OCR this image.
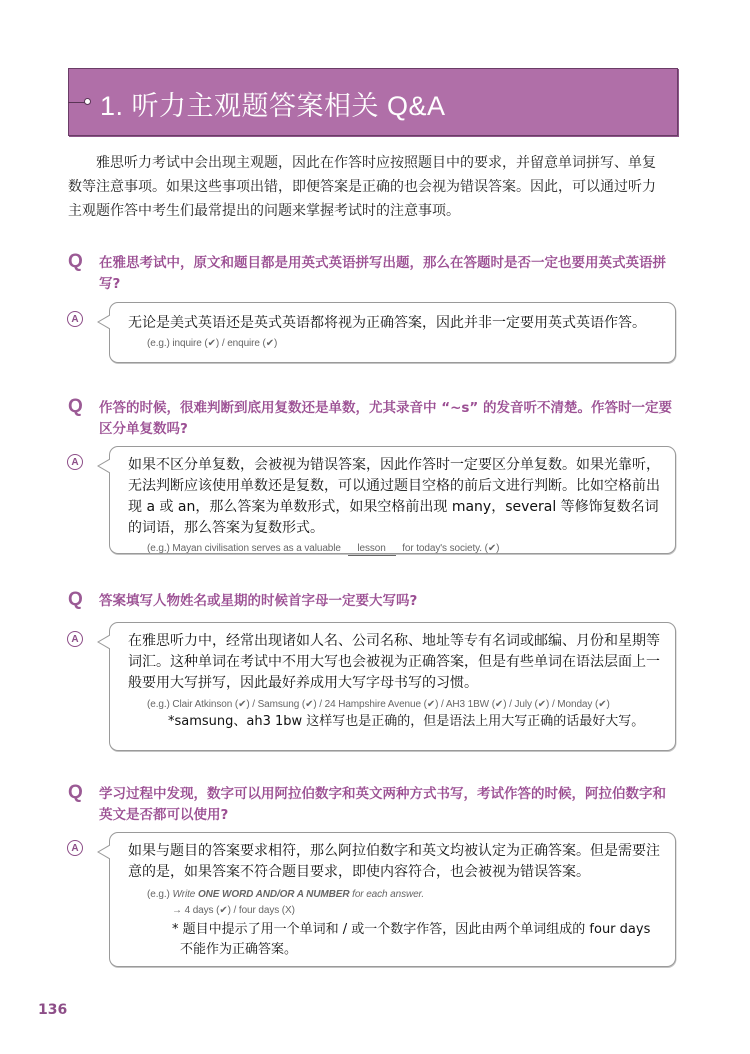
1. 听力主观题答案相关 Q&A
雅思听力考试中会出现主观题，因此在作答时应按照题目中的要求，并留意单词拼写、单复数等注意事项。如果这些事项出错，即便答案是正确的也会视为错误答案。因此，可以通过听力主观题作答中考生们最常提出的问题来掌握考试时的注意事项。
Q 在雅思考试中，原文和题目都是用英式英语拼写出题，那么在答题时是否一定也要用英式英语拼写?
A	无论是美式英语还是英式英语都将视为正确答案，因此并非一定要用英式英语作答。
(e.g.) inquire (✔) / enquire (✔)
Q 作答的时候，很难判断到底用复数还是单数，尤其录音中 “~s” 的发音听不清楚。作答时一定要区分单复数吗?
A	如果不区分单复数，会被视为错误答案，因此作答时一定要区分单复数。如果光靠听，无法判断应该使用单数还是复数，可以通过题目空格的前后文进行判断。比如空格前出现 a 或 an，那么答案为单数形式，如果空格前出现 many，several 等修饰复数名词的词语，那么答案为复数形式。
(e.g.) Mayan civilisation serves as a valuable lesson for today's society. (✔)
Q 答案填写人物姓名或星期的时候首字母一定要大写吗?
A	在雅思听力中，经常出现诸如人名、公司名称、地址等专有名词或邮编、月份和星期等词汇。这种单词在考试中不用大写也会被视为正确答案，但是有些单词在语法层面上一般要用大写拼写，因此最好养成用大写字母书写的习惯。
(e.g.) Clair Atkinson (✔) / Samsung (✔) / 24 Hampshire Avenue (✔) / AH3 1BW (✔) / July (✔) / Monday (✔)
*samsung、ah3 1bw 这样写也是正确的，但是语法上用大写正确的话最好大写。
Q 学习过程中发现，数字可以用阿拉伯数字和英文两种方式书写，考试作答的时候，阿拉伯数字和英文是否都可以使用?
A	如果与题目的答案要求相符，那么阿拉伯数字和英文均被认定为正确答案。但是需要注意的是，如果答案不符合题目要求，即使内容符合，也会被视为错误答案。
(e.g.) Write ONE WORD AND/OR A NUMBER for each answer.
→ 4 days (✔) / four days (X)
* 题目中提示了用一个单词和 / 或一个数字作答，因此由两个单词组成的 four days 不能作为正确答案。
136
